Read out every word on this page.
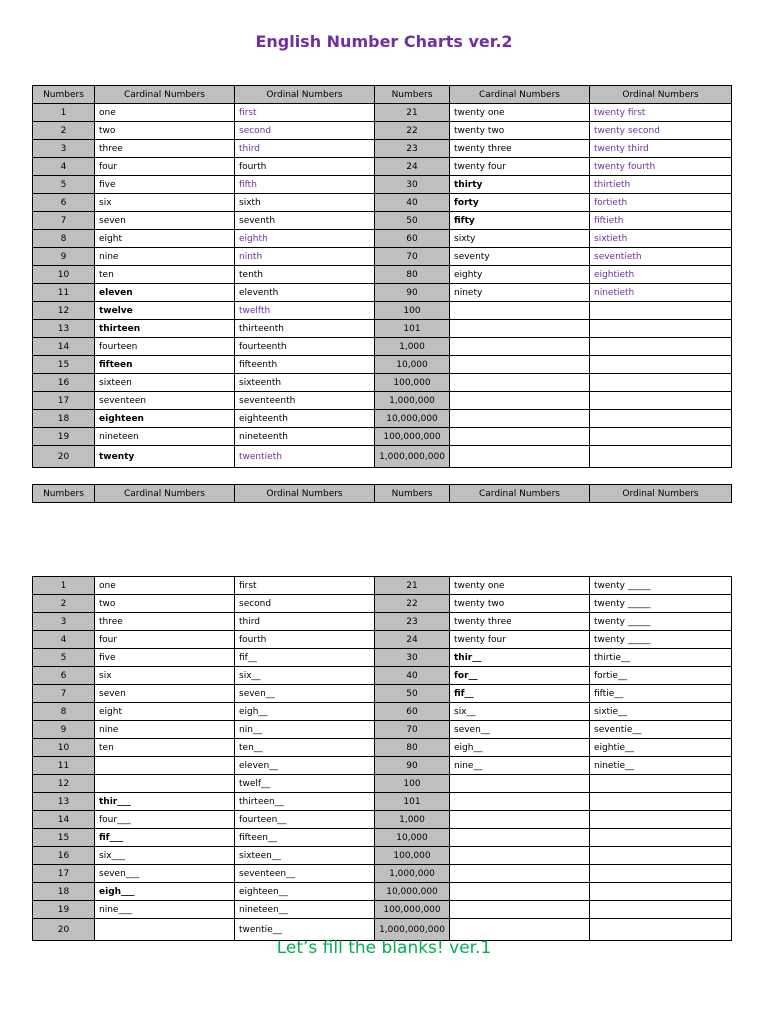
English Number Charts ver.2
Numbers	Cardinal Numbers	Ordinal Numbers	Numbers	Cardinal Numbers	Ordinal Numbers
1	one	first	21	twenty one	twenty first
2	two	second	22	twenty two	twenty second
3	three	third	23	twenty three	twenty third
4	four	fourth	24	twenty four	twenty fourth
5	five	fifth	30	thirty	thirtieth
6	six	sixth	40	forty	fortieth
7	seven	seventh	50	fifty	fiftieth
8	eight	eighth	60	sixty	sixtieth
9	nine	ninth	70	seventy	seventieth
10	ten	tenth	80	eighty	eightieth
11	eleven	eleventh	90	ninety	ninetieth
12	twelve	twelfth	100		
13	thirteen	thirteenth	101		
14	fourteen	fourteenth	1,000		
15	fifteen	fifteenth	10,000		
16	sixteen	sixteenth	100,000		
17	seventeen	seventeenth	1,000,000		
18	eighteen	eighteenth	10,000,000		
19	nineteen	nineteenth	100,000,000		
20	twenty	twentieth	1,000,000,000		
Numbers	Cardinal Numbers	Ordinal Numbers	Numbers	Cardinal Numbers	Ordinal Numbers
1	one	first	21	twenty one	twenty _____
2	two	second	22	twenty two	twenty _____
3	three	third	23	twenty three	twenty _____
4	four	fourth	24	twenty four	twenty _____
5	five	fif__	30	thir__	thirtie__
6	six	six__	40	for__	fortie__
7	seven	seven__	50	fif__	fiftie__
8	eight	eigh__	60	six__	sixtie__
9	nine	nin__	70	seven__	seventie__
10	ten	ten__	80	eigh__	eightie__
11		eleven__	90	nine__	ninetie__
12		twelf__	100		
13	thir___	thirteen__	101		
14	four___	fourteen__	1,000		
15	fif___	fifteen__	10,000		
16	six___	sixteen__	100,000		
17	seven___	seventeen__	1,000,000		
18	eigh___	eighteen__	10,000,000		
19	nine___	nineteen__	100,000,000		
20		twentie__	1,000,000,000		
Let’s fill the blanks! ver.1
